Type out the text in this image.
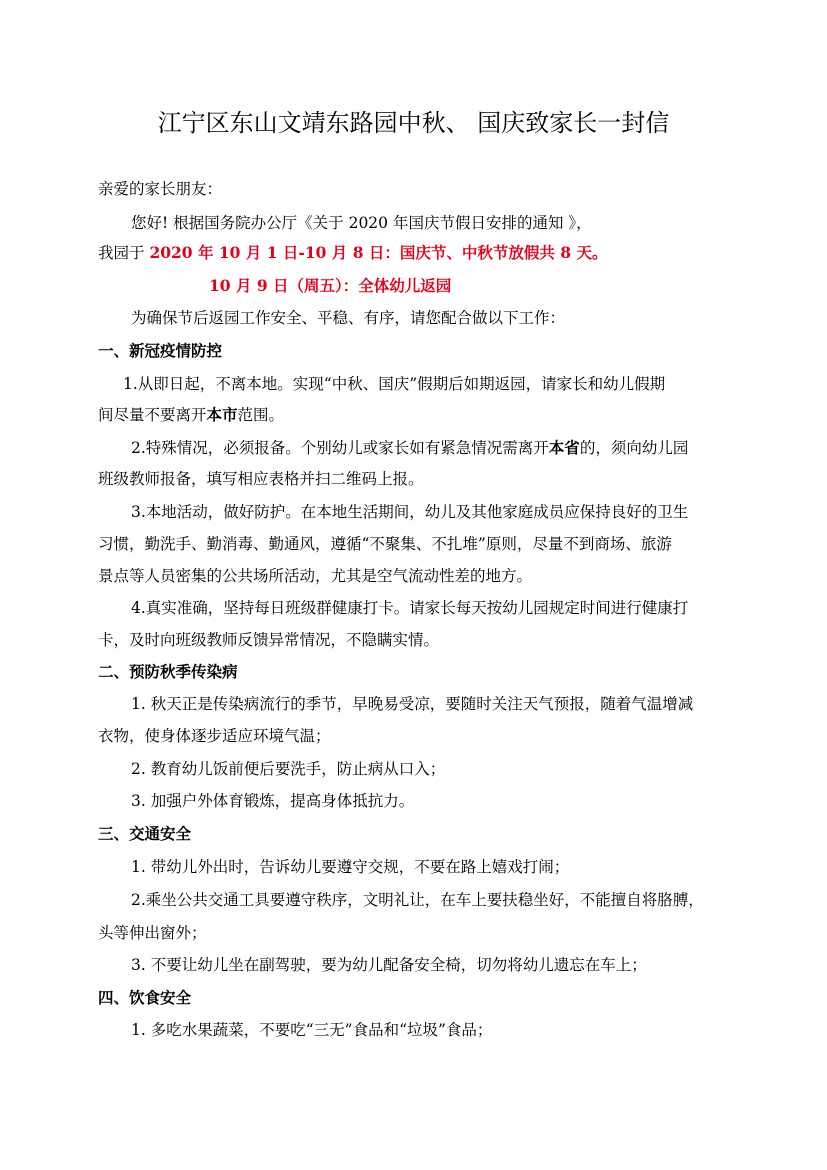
江宁区东山文靖东路园中秋、 国庆致家长一封信
亲爱的家长朋友：
您好! 根据国务院办公厅《关于 2020 年国庆节假日安排的通知 》，
我园于 2020 年 10 月 1 日-10 月 8 日：国庆节、中秋节放假共 8 天。
10 月 9 日（周五）：全体幼儿返园
为确保节后返园工作安全、平稳、有序，请您配合做以下工作：
一、新冠疫情防控
1.从即日起，不离本地。实现“中秋、国庆”假期后如期返园，请家长和幼儿假期
间尽量不要离开本市范围。
2.特殊情况，必须报备。个别幼儿或家长如有紧急情况需离开本省的，须向幼儿园
班级教师报备，填写相应表格并扫二维码上报。
3.本地活动，做好防护。在本地生活期间，幼儿及其他家庭成员应保持良好的卫生
习惯，勤洗手、勤消毒、勤通风，遵循“不聚集、不扎堆”原则，尽量不到商场、旅游
景点等人员密集的公共场所活动，尤其是空气流动性差的地方。
4.真实准确，坚持每日班级群健康打卡。请家长每天按幼儿园规定时间进行健康打
卡，及时向班级教师反馈异常情况，不隐瞒实情。
二、预防秋季传染病
1. 秋天正是传染病流行的季节，早晚易受凉，要随时关注天气预报，随着气温增减
衣物，使身体逐步适应环境气温；
2. 教育幼儿饭前便后要洗手，防止病从口入；
3. 加强户外体育锻炼，提高身体抵抗力。
三、交通安全
1. 带幼儿外出时，告诉幼儿要遵守交规，不要在路上嬉戏打闹；
2.乘坐公共交通工具要遵守秩序，文明礼让，在车上要扶稳坐好，不能擅自将胳膊，
头等伸出窗外；
3. 不要让幼儿坐在副驾驶，要为幼儿配备安全椅，切勿将幼儿遗忘在车上；
四、饮食安全
1. 多吃水果蔬菜，不要吃“三无”食品和“垃圾”食品；
